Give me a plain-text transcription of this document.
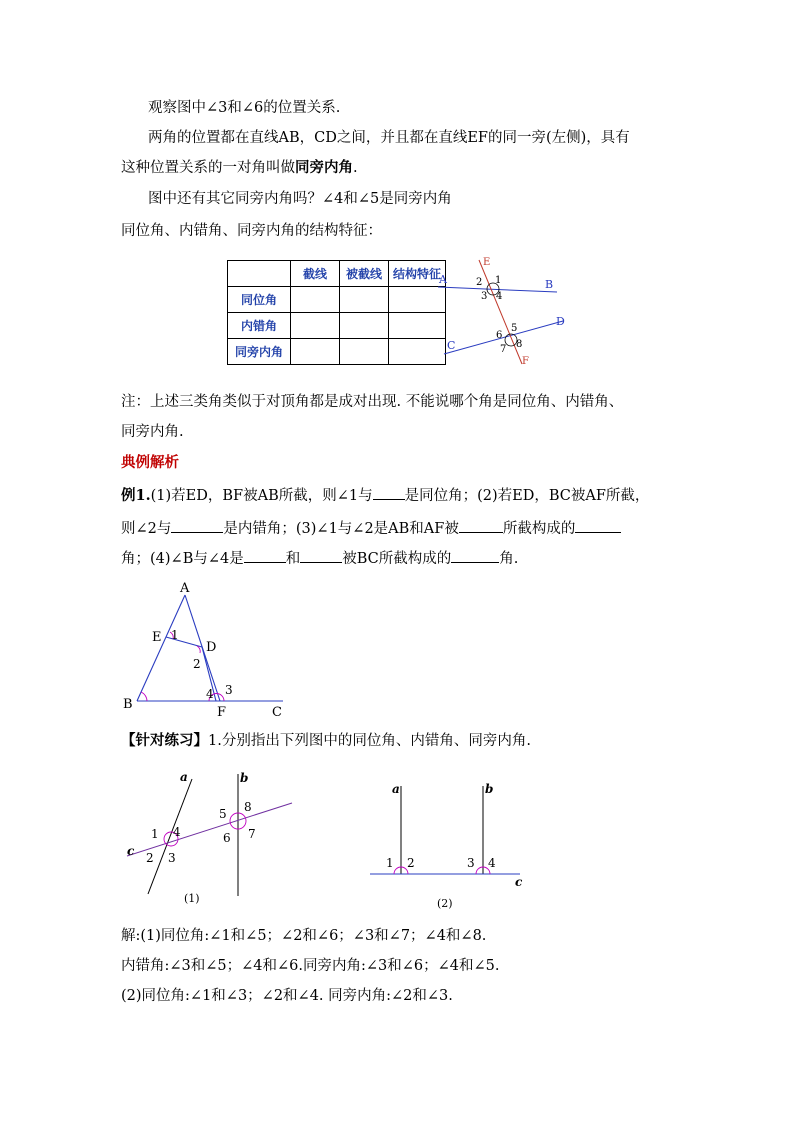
观察图中∠3和∠6的位置关系.
两角的位置都在直线AB，CD之间，并且都在直线EF的同一旁(左侧)，具有
这种位置关系的一对角叫做同旁内角.
图中还有其它同旁内角吗？∠4和∠5是同旁内角
同位角、内错角、同旁内角的结构特征：
	截线	被截线	结构特征
同位角			
内错角			
同旁内角			
A	B
C
D
E
F
1
2
3 4
5
6
7 8
注：上述三类角类似于对顶角都是成对出现. 不能说哪个角是同位角、内错角、
同旁内角.
典例解析
例1.(1)若ED，BF被AB所截，则∠1与 是同位角；(2)若ED，BC被AF所截，
则∠2与	是内错角；(3)∠1与∠2是AB和AF被	所截构成的
角；(4)∠B与∠4是	和	被BC所截构成的	角.
A
B
C
D
E
F
1
2
3
4
【针对练习】1.分别指出下列图中的同位角、内错角、同旁内角.
a	b
c
1
2 3
4
5
6 7
8
(1)
a	b
c
1 2	3 4
(2)
解:(1)同位角:∠1和∠5；∠2和∠6；∠3和∠7；∠4和∠8.
内错角:∠3和∠5；∠4和∠6.同旁内角:∠3和∠6；∠4和∠5.
(2)同位角:∠1和∠3；∠2和∠4. 同旁内角:∠2和∠3.
